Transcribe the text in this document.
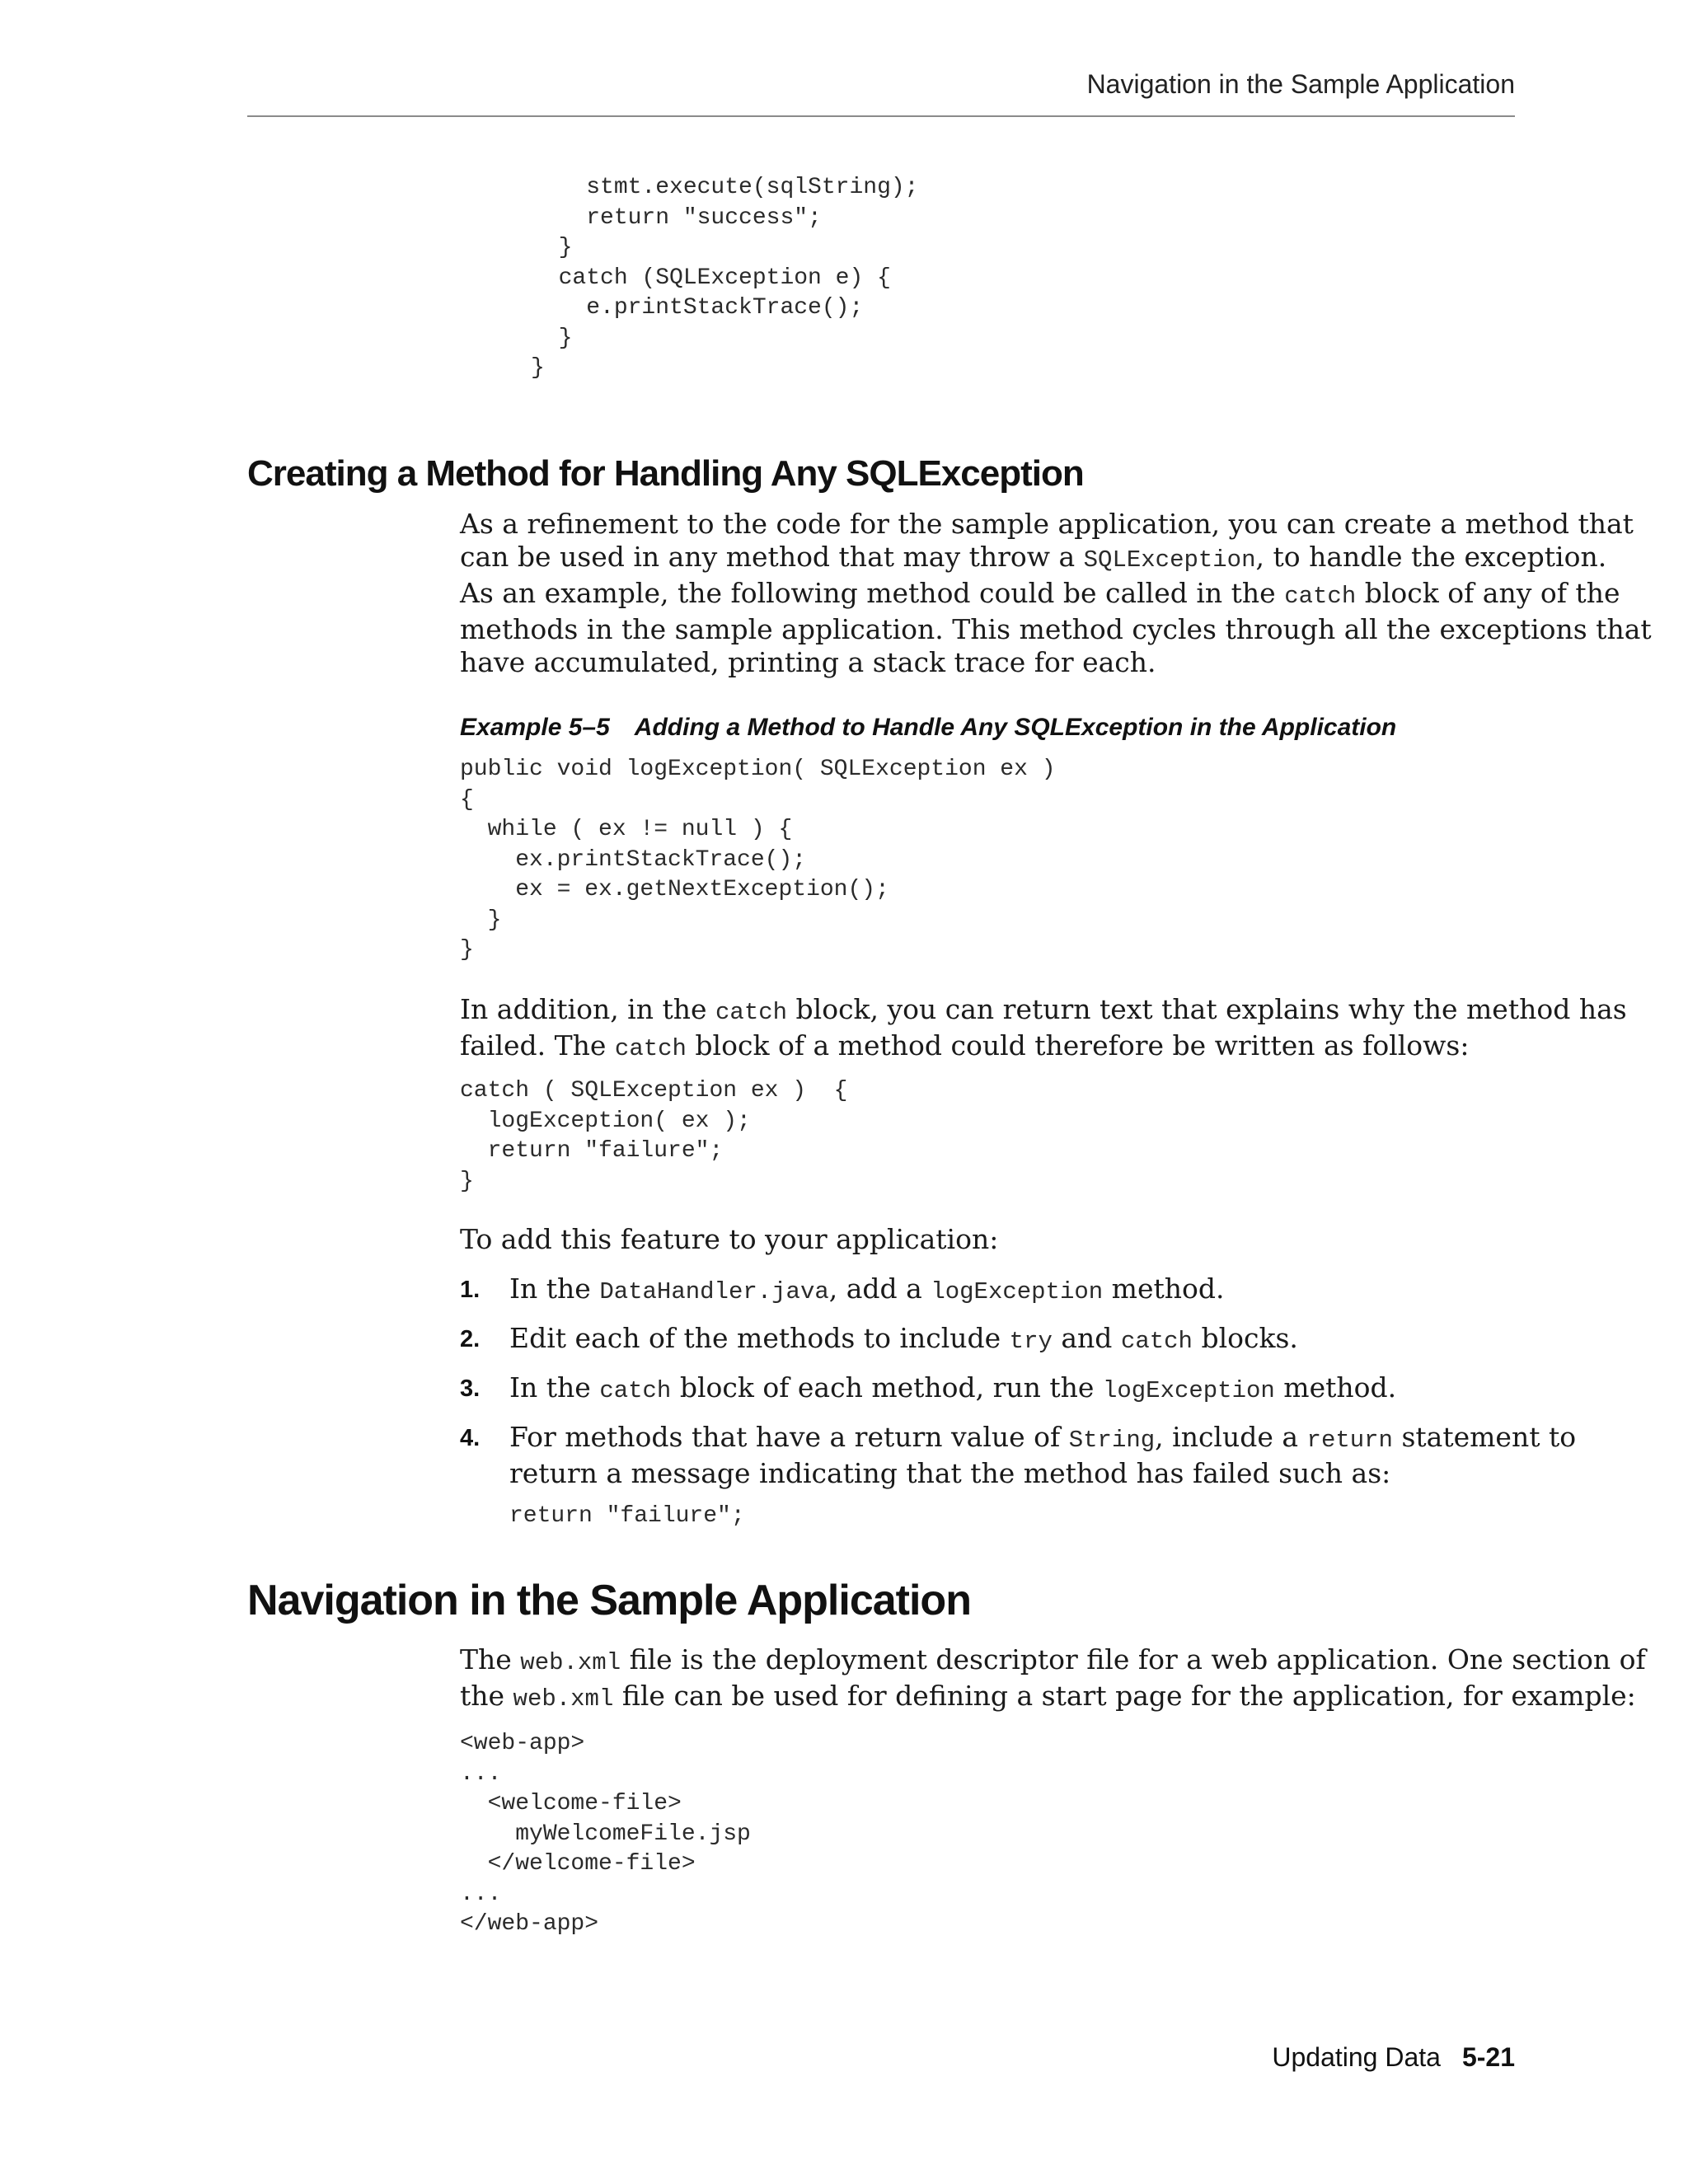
Navigation in the Sample Application
stmt.execute(sqlString);
return "success";
}
catch (SQLException e) {
e.printStackTrace();
}
}
Creating a Method for Handling Any SQLException
As a refinement to the code for the sample application, you can create a method that
can be used in any method that may throw a SQLException, to handle the exception.
As an example, the following method could be called in the catch block of any of the
methods in the sample application. This method cycles through all the exceptions that
have accumulated, printing a stack trace for each.
Example 5–5 Adding a Method to Handle Any SQLException in the Application
public void logException( SQLException ex )
{
while ( ex != null ) {
ex.printStackTrace();
ex = ex.getNextException();
}
}
In addition, in the catch block, you can return text that explains why the method has
failed. The catch block of a method could therefore be written as follows:
catch ( SQLException ex )  {
logException( ex );
return "failure";
}
To add this feature to your application:
1. In the DataHandler.java, add a logException method.
2. Edit each of the methods to include try and catch blocks.
3. In the catch block of each method, run the logException method.
4. For methods that have a return value of String, include a return statement to
return a message indicating that the method has failed such as:
return "failure";
Navigation in the Sample Application
The web.xml file is the deployment descriptor file for a web application. One section of
the web.xml file can be used for defining a start page for the application, for example:
<web-app>
...
<welcome-file>
myWelcomeFile.jsp
</welcome-file>
...
</web-app>
Updating Data 5-21
